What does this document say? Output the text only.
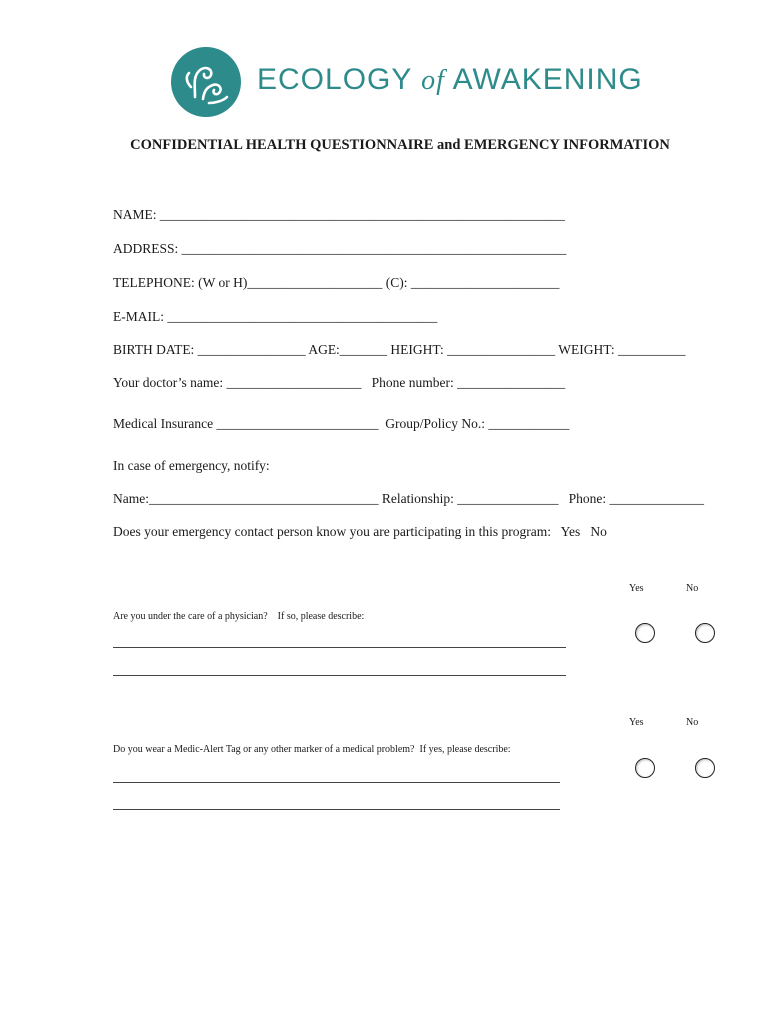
ECOLOGY of AWAKENING
CONFIDENTIAL HEALTH QUESTIONNAIRE and EMERGENCY INFORMATION
NAME: ____________________________________________________________
ADDRESS: _________________________________________________________
TELEPHONE: (W or H)____________________ (C): ______________________
E-MAIL: ________________________________________
BIRTH DATE: ________________ AGE:_______ HEIGHT: ________________ WEIGHT: __________
Your doctor’s name: ____________________   Phone number: ________________
Medical Insurance ________________________  Group/Policy No.: ____________
In case of emergency, notify:
Name:__________________________________ Relationship: _______________   Phone: ______________
Does your emergency contact person know you are participating in this program:   Yes   No
Yes	No
Are you under the care of a physician?    If so, please describe:
Yes	No
Do you wear a Medic-Alert Tag or any other marker of a medical problem?  If yes, please describe:
